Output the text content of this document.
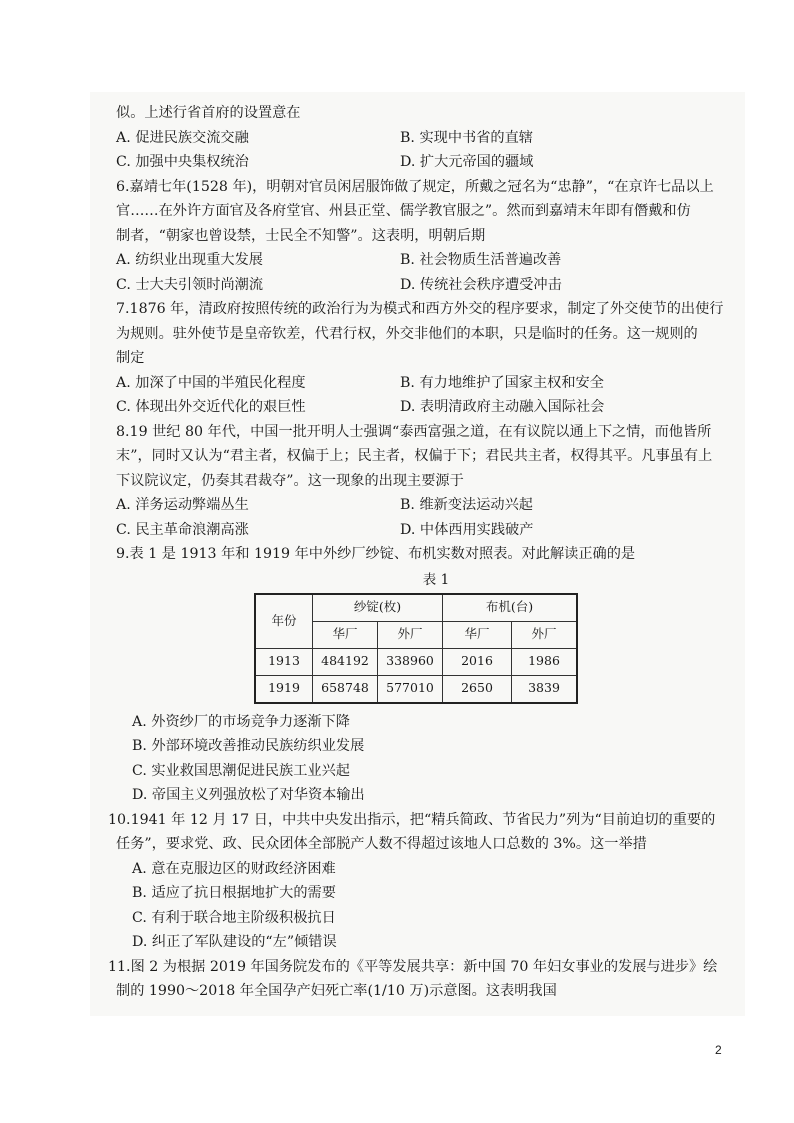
似。上述行省首府的设置意在
A. 促进民族交流交融	B. 实现中书省的直辖
C. 加强中央集权统治	D. 扩大元帝国的疆域
6.嘉靖七年(1528 年)，明朝对官员闲居服饰做了规定，所戴之冠名为“忠静”，“在京许七品以上
官……在外许方面官及各府堂官、州县正堂、儒学教官服之”。然而到嘉靖末年即有僭戴和仿
制者，“朝家也曾设禁，士民全不知警”。这表明，明朝后期
A. 纺织业出现重大发展	B. 社会物质生活普遍改善
C. 士大夫引领时尚潮流	D. 传统社会秩序遭受冲击
7.1876 年，清政府按照传统的政治行为为模式和西方外交的程序要求，制定了外交使节的出使行
为规则。驻外使节是皇帝钦差，代君行权，外交非他们的本职，只是临时的任务。这一规则的
制定
A. 加深了中国的半殖民化程度	B. 有力地维护了国家主权和安全
C. 体现出外交近代化的艰巨性	D. 表明清政府主动融入国际社会
8.19 世纪 80 年代，中国一批开明人士强调“泰西富强之道，在有议院以通上下之情，而他皆所
末”，同时又认为“君主者，权偏于上；民主者，权偏于下；君民共主者，权得其平。凡事虽有上
下议院议定，仍奏其君裁夺”。这一现象的出现主要源于
A. 洋务运动弊端丛生	B. 维新变法运动兴起
C. 民主革命浪潮高涨	D. 中体西用实践破产
9.表 1 是 1913 年和 1919 年中外纱厂纱锭、布机实数对照表。对此解读正确的是
表 1
年份	纱锭(枚)		布机(台)	
	华厂	外厂	华厂	外厂
1913	484192	338960	2016	1986
1919	658748	577010	2650	3839
A. 外资纱厂的市场竞争力逐渐下降
B. 外部环境改善推动民族纺织业发展
C. 实业救国思潮促进民族工业兴起
D. 帝国主义列强放松了对华资本输出
10.1941 年 12 月 17 日，中共中央发出指示，把“精兵简政、节省民力”列为“目前迫切的重要的
任务”，要求党、政、民众团体全部脱产人数不得超过该地人口总数的 3%。这一举措
A. 意在克服边区的财政经济困难
B. 适应了抗日根据地扩大的需要
C. 有利于联合地主阶级积极抗日
D. 纠正了军队建设的“左”倾错误
11.图 2 为根据 2019 年国务院发布的《平等发展共享：新中国 70 年妇女事业的发展与进步》绘
制的 1990～2018 年全国孕产妇死亡率(1/10 万)示意图。这表明我国
2
